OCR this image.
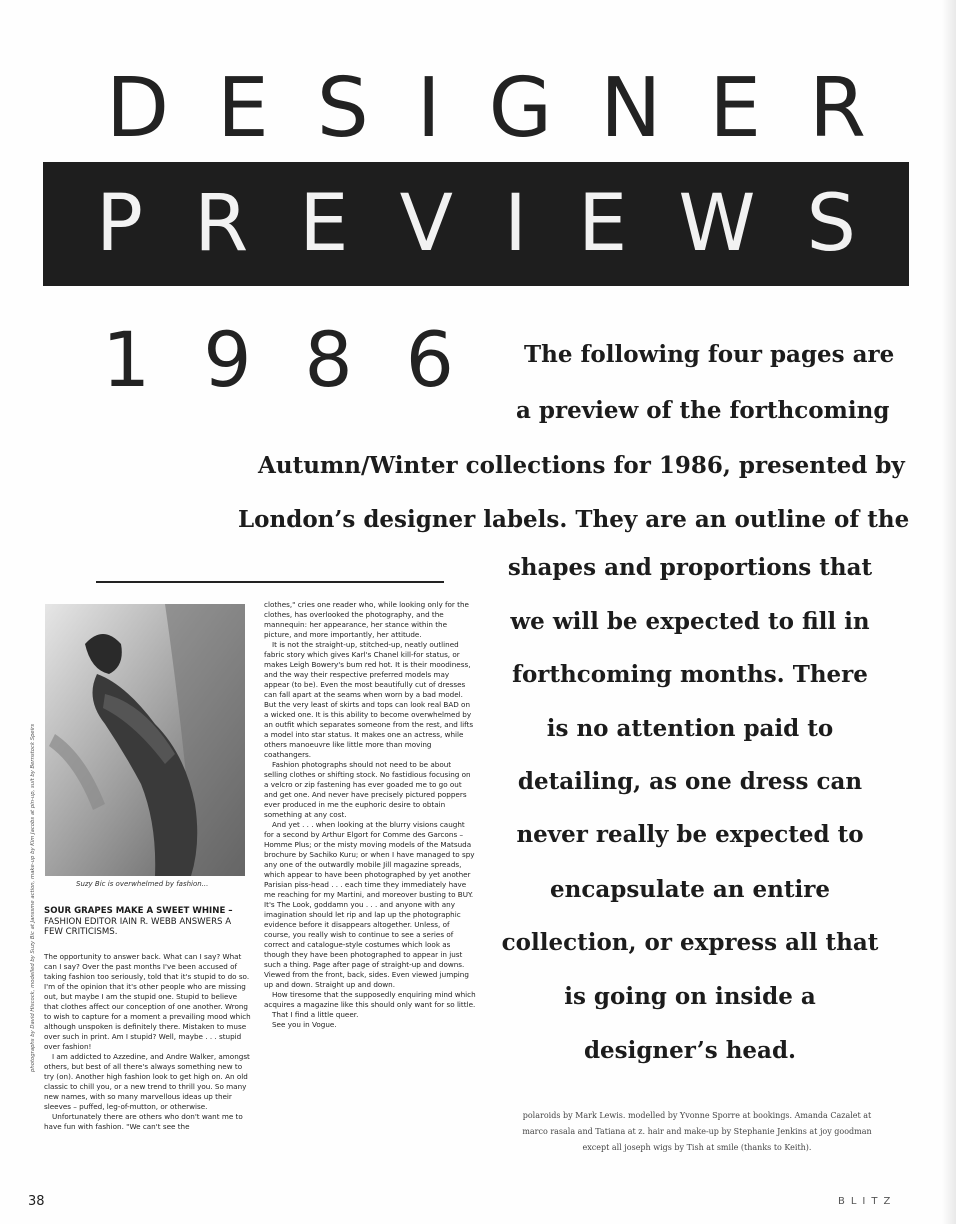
D E S I G N E R
P R E V I E W S
1 9 8 6	The following four pages are
a preview of the forthcoming
Autumn/Winter collections for 1986, presented by
London’s designer labels. They are an outline of the
shapes and proportions that
we will be expected to fill in
forthcoming months. There
is no attention paid to
detailing, as one dress can
never really be expected to
encapsulate an entire
collection, or express all that
is going on inside a
designer’s head.
Suzy Bic is overwhelmed by fashion...
photographs by David Hiscock, modelled by Suzy Bic at Janssme action, make-up by Kim Jacobs at pin-up, suit by Bernstock Speirs SOUR GRAPES MAKE A SWEET WHINE –
FASHION EDITOR IAIN R. WEBB ANSWERS A FEW CRITICISMS.

The opportunity to answer back. What can I say? What can I say? Over the past months I've been accused of taking fashion too seriously, told that it's stupid to do so. I'm of the opinion that it's other people who are missing out, but maybe I am the stupid one. Stupid to believe that clothes affect our conception of one another. Wrong to wish to capture for a moment a prevailing mood which although unspoken is definitely there. Mistaken to muse over such in print. Am I stupid? Well, maybe . . . stupid over fashion!

I am addicted to Azzedine, and Andre Walker, amongst others, but best of all there's always something new to try (on). Another high fashion look to get high on. An old classic to chill you, or a new trend to thrill you. So many new names, with so many marvellous ideas up their sleeves – puffed, leg-of-mutton, or otherwise.

Unfortunately there are others who don't want me to have fun with fashion. "We can't see the

clothes," cries one reader who, while looking only for the clothes, has overlooked the photography, and the mannequin: her appearance, her stance within the picture, and more importantly, her attitude.

It is not the straight-up, stitched-up, neatly outlined fabric story which gives Karl's Chanel kill-for status, or makes Leigh Bowery's bum red hot. It is their moodiness, and the way their respective preferred models may appear (to be). Even the most beautifully cut of dresses can fall apart at the seams when worn by a bad model. But the very least of skirts and tops can look real BAD on a wicked one. It is this ability to become overwhelmed by an outfit which separates someone from the rest, and lifts a model into star status. It makes one an actress, while others manoeuvre like little more than moving coathangers.

Fashion photographs should not need to be about selling clothes or shifting stock. No fastidious focusing on a velcro or zip fastening has ever goaded me to go out and get one. And never have precisely pictured poppers ever produced in me the euphoric desire to obtain something at any cost.

And yet . . . when looking at the blurry visions caught for a second by Arthur Elgort for Comme des Garcons – Homme Plus; or the misty moving models of the Matsuda brochure by Sachiko Kuru; or when I have managed to spy any one of the outwardly mobile Jill magazine spreads, which appear to have been photographed by yet another Parisian piss-head . . . each time they immediately have me reaching for my Martini, and moreover busting to BUY. It's The Look, goddamn you . . . and anyone with any imagination should let rip and lap up the photographic evidence before it disappears altogether. Unless, of course, you really wish to continue to see a series of correct and catalogue-style costumes which look as though they have been photographed to appear in just such a thing. Page after page of straight-up and downs. Viewed from the front, back, sides. Even viewed jumping up and down. Straight up and down.

How tiresome that the supposedly enquiring mind which acquires a magazine like this should only want for so little.

That I find a little queer.

See you in Vogue.

polaroids by Mark Lewis. modelled by Yvonne Sporre at bookings. Amanda Cazalet at marco rasala and Tatiana at z. hair and make-up by Stephanie Jenkins at joy goodman except all joseph wigs by Tish at smile (thanks to Keith).
38	BLITZ
